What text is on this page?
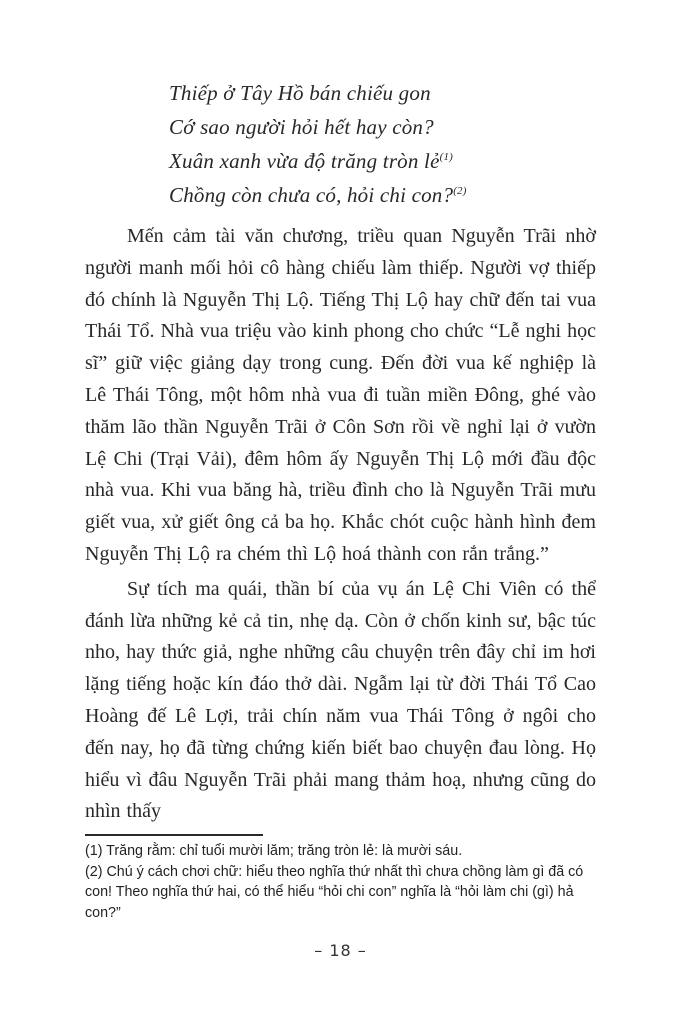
Thiếp ở Tây Hồ bán chiếu gon
Cớ sao người hỏi hết hay còn?
Xuân xanh vừa độ trăng tròn lẻ$^{(1)}$
Chồng còn chưa có, hỏi chi con?$^{(2)}$

Mến cảm tài văn chương, triều quan Nguyễn Trãi nhờ người manh mối hỏi cô hàng chiếu làm thiếp. Người vợ thiếp đó chính là Nguyễn Thị Lộ. Tiếng Thị Lộ hay chữ đến tai vua Thái Tổ. Nhà vua triệu vào kinh phong cho chức “Lễ nghi học sĩ” giữ việc giảng dạy trong cung. Đến đời vua kế nghiệp là Lê Thái Tông, một hôm nhà vua đi tuần miền Đông, ghé vào thăm lão thần Nguyễn Trãi ở Côn Sơn rồi về nghỉ lại ở vườn Lệ Chi (Trại Vải), đêm hôm ấy Nguyễn Thị Lộ mới đầu độc nhà vua. Khi vua băng hà, triều đình cho là Nguyễn Trãi mưu giết vua, xử giết ông cả ba họ. Khắc chót cuộc hành hình đem Nguyễn Thị Lộ ra chém thì Lộ hoá thành con rắn trắng.”

Sự tích ma quái, thần bí của vụ án Lệ Chi Viên có thể đánh lừa những kẻ cả tin, nhẹ dạ. Còn ở chốn kinh sư, bậc túc nho, hay thức giả, nghe những câu chuyện trên đây chỉ im hơi lặng tiếng hoặc kín đáo thở dài. Ngẫm lại từ đời Thái Tổ Cao Hoàng đế Lê Lợi, trải chín năm vua Thái Tông ở ngôi cho đến nay, họ đã từng chứng kiến biết bao chuyện đau lòng. Họ hiểu vì đâu Nguyễn Trãi phải mang thảm hoạ, nhưng cũng do nhìn thấy

(1) Trăng rằm: chỉ tuổi mười lăm; trăng tròn lẻ: là mười sáu.

(2) Chú ý cách chơi chữ: hiểu theo nghĩa thứ nhất thì chưa chồng làm gì đã có con! Theo nghĩa thứ hai, có thể hiểu “hỏi chi con” nghĩa là “hỏi làm chi (gì) hả con?”

– 18 –
